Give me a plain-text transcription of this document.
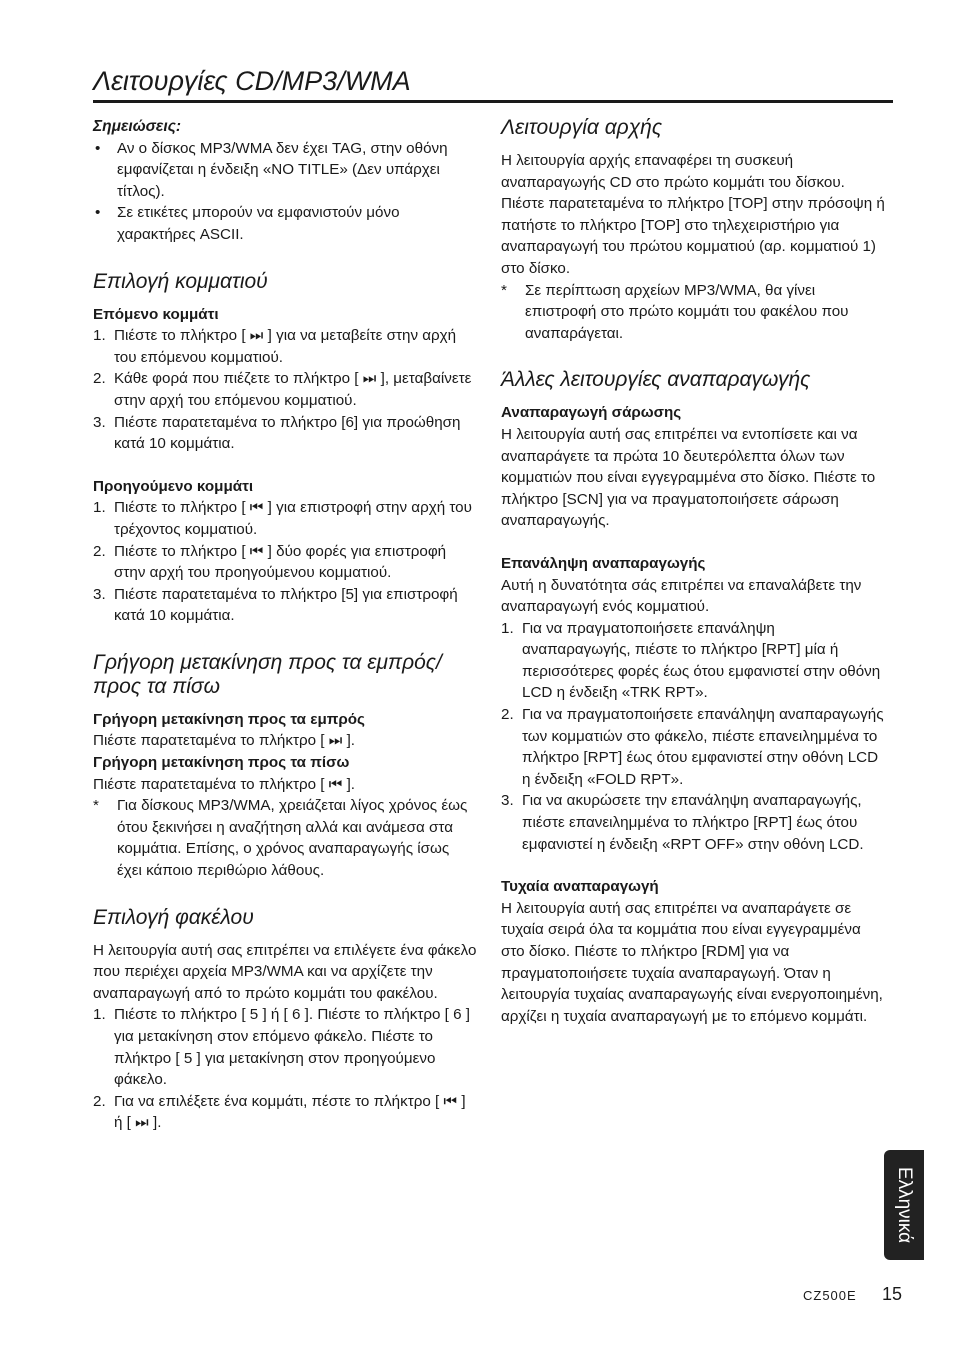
Λειτουργίες CD/MP3/WMA

Σημειώσεις:

• Αν ο δίσκος MP3/WMA δεν έχει TAG, στην οθόνη εμφανίζεται η ένδειξη «NO TITLE» (Δεν υπάρχει τίτλος).

• Σε ετικέτες μπορούν να εμφανιστούν μόνο χαρακτήρες ASCII.

Επιλογή κομματιού

Επόμενο κομμάτι

1. Πιέστε το πλήκτρο [ ⏭ ] για να μεταβείτε στην αρχή του επόμενου κομματιού.

2. Κάθε φορά που πιέζετε το πλήκτρο [ ⏭ ], μεταβαίνετε στην αρχή του επόμενου κομματιού.

3. Πιέστε παρατεταμένα το πλήκτρο [6] για προώθηση κατά 10 κομμάτια.

Προηγούμενο κομμάτι

1. Πιέστε το πλήκτρο [ ⏮ ] για επιστροφή στην αρχή του τρέχοντος κομματιού.

2. Πιέστε το πλήκτρο [ ⏮ ] δύο φορές για επιστροφή στην αρχή του προηγούμενου κομματιού.

3. Πιέστε παρατεταμένα το πλήκτρο [5] για επιστροφή κατά 10 κομμάτια.

Γρήγορη μετακίνηση προς τα εμπρός/προς τα πίσω

Γρήγορη μετακίνηση προς τα εμπρός

Πιέστε παρατεταμένα το πλήκτρο [ ⏭ ].

Γρήγορη μετακίνηση προς τα πίσω

Πιέστε παρατεταμένα το πλήκτρο [ ⏮ ].

* Για δίσκους MP3/WMA, χρειάζεται λίγος χρόνος έως ότου ξεκινήσει η αναζήτηση αλλά και ανάμεσα στα κομμάτια. Επίσης, ο χρόνος αναπαραγωγής ίσως έχει κάποιο περιθώριο λάθους.

Επιλογή φακέλου

Η λειτουργία αυτή σας επιτρέπει να επιλέγετε ένα φάκελο που περιέχει αρχεία MP3/WMA και να αρχίζετε την αναπαραγωγή από το πρώτο κομμάτι του φακέλου.

1. Πιέστε το πλήκτρο [ 5 ] ή [ 6 ]. Πιέστε το πλήκτρο [ 6 ] για μετακίνηση στον επόμενο φάκελο. Πιέστε το πλήκτρο [ 5 ] για μετακίνηση στον προηγούμενο φάκελο.

2. Για να επιλέξετε ένα κομμάτι, πέστε το πλήκτρο [ ⏮ ] ή [ ⏭ ].

Λειτουργία αρχής

Η λειτουργία αρχής επαναφέρει τη συσκευή αναπαραγωγής CD στο πρώτο κομμάτι του δίσκου. Πιέστε παρατεταμένα το πλήκτρο [TOP] στην πρόσοψη ή πατήστε το πλήκτρο [TOP] στο τηλεχειριστήριο για αναπαραγωγή του πρώτου κομματιού (αρ. κομματιού 1) στο δίσκο.

* Σε περίπτωση αρχείων MP3/WMA, θα γίνει επιστροφή στο πρώτο κομμάτι του φακέλου που αναπαράγεται.

Άλλες λειτουργίες αναπαραγωγής

Αναπαραγωγή σάρωσης

Η λειτουργία αυτή σας επιτρέπει να εντοπίσετε και να αναπαράγετε τα πρώτα 10 δευτερόλεπτα όλων των κομματιών που είναι εγγεγραμμένα στο δίσκο. Πιέστε το πλήκτρο [SCN] για να πραγματοποιήσετε σάρωση αναπαραγωγής.

Επανάληψη αναπαραγωγής

Αυτή η δυνατότητα σάς επιτρέπει να επαναλάβετε την αναπαραγωγή ενός κομματιού.

1. Για να πραγματοποιήσετε επανάληψη αναπαραγωγής, πιέστε το πλήκτρο [RPT] μία ή περισσότερες φορές έως ότου εμφανιστεί στην οθόνη LCD η ένδειξη «TRK RPT».

2. Για να πραγματοποιήσετε επανάληψη αναπαραγωγής των κομματιών στο φάκελο, πιέστε επανειλημμένα το πλήκτρο [RPT] έως ότου εμφανιστεί στην οθόνη LCD η ένδειξη «FOLD RPT».

3. Για να ακυρώσετε την επανάληψη αναπαραγωγής, πιέστε επανειλημμένα το πλήκτρο [RPT] έως ότου εμφανιστεί η ένδειξη «RPT OFF» στην οθόνη LCD.

Τυχαία αναπαραγωγή

Η λειτουργία αυτή σας επιτρέπει να αναπαράγετε σε τυχαία σειρά όλα τα κομμάτια που είναι εγγεγραμμένα στο δίσκο. Πιέστε το πλήκτρο [RDM] για να πραγματοποιήσετε τυχαία αναπαραγωγή. Όταν η λειτουργία τυχαίας αναπαραγωγής είναι ενεργοποιημένη, αρχίζει η τυχαία αναπαραγωγή με το επόμενο κομμάτι.

Ελληνικά
CZ500E 15
